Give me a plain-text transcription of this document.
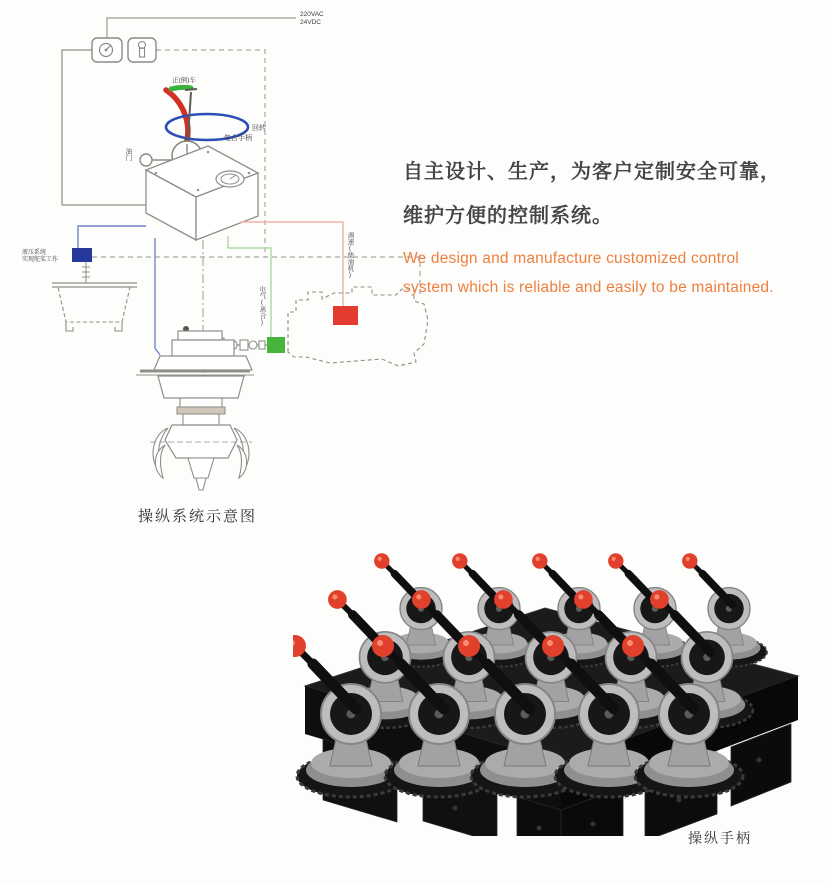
220VAC
24VDC
正(倒)车
回转
复合手柄
油门
液压系统
实现舵桨工作	调速(柴油机)
电气(离合)
操纵系统示意图
自主设计、生产，为客户定制安全可靠，
维护方便的控制系统。
We design and manufacture customized control
system which is reliable and easily to be maintained.
操纵手柄
